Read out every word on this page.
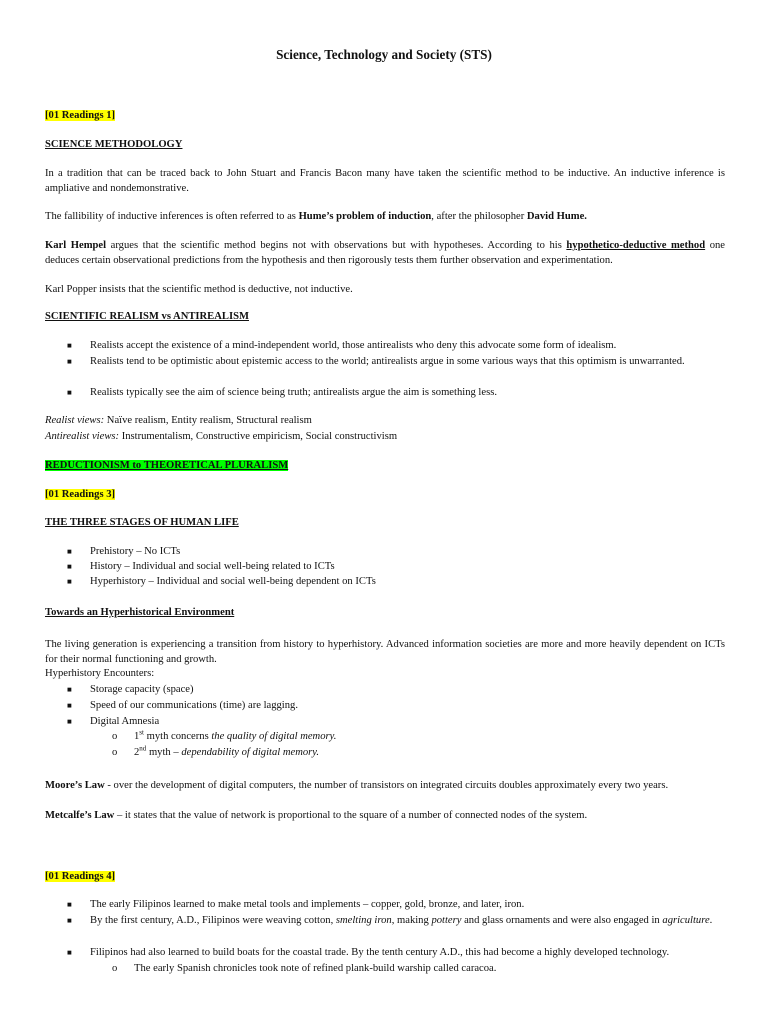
Science, Technology and Society (STS)
[01 Readings 1]
SCIENCE METHODOLOGY
In a tradition that can be traced back to John Stuart and Francis Bacon many have taken the scientific method to be inductive. An inductive inference is ampliative and nondemonstrative.
The fallibility of inductive inferences is often referred to as Hume’s problem of induction, after the philosopher David Hume.
Karl Hempel argues that the scientific method begins not with observations but with hypotheses. According to his hypothetico-deductive method one deduces certain observational predictions from the hypothesis and then rigorously tests them further observation and experimentation.
Karl Popper insists that the scientific method is deductive, not inductive.
SCIENTIFIC REALISM vs ANTIREALISM
■	Realists accept the existence of a mind-independent world, those antirealists who deny this advocate some form of idealism.
■	Realists tend to be optimistic about epistemic access to the world; antirealists argue in some various ways that this optimism is unwarranted.
■	Realists typically see the aim of science being truth; antirealists argue the aim is something less.
Realist views: Naïve realism, Entity realism, Structural realism
Antirealist views: Instrumentalism, Constructive empiricism, Social constructivism
REDUCTIONISM to THEORETICAL PLURALISM
[01 Readings 3]
THE THREE STAGES OF HUMAN LIFE
■	Prehistory – No ICTs
■	History – Individual and social well-being related to ICTs
■	Hyperhistory – Individual and social well-being dependent on ICTs
Towards an Hyperhistorical Environment
The living generation is experiencing a transition from history to hyperhistory. Advanced information societies are more and more heavily dependent on ICTs for their normal functioning and growth.
Hyperhistory Encounters:
■	Storage capacity (space)
■	Speed of our communications (time) are lagging.
■	Digital Amnesia
o	1st myth concerns the quality of digital memory.
o	2nd myth – dependability of digital memory.
Moore’s Law - over the development of digital computers, the number of transistors on integrated circuits doubles approximately every two years.
Metcalfe’s Law – it states that the value of network is proportional to the square of a number of connected nodes of the system.
[01 Readings 4]
■	The early Filipinos learned to make metal tools and implements – copper, gold, bronze, and later, iron.
■	By the first century, A.D., Filipinos were weaving cotton, smelting iron, making pottery and glass ornaments and were also engaged in agriculture.
■	Filipinos had also learned to build boats for the coastal trade. By the tenth century A.D., this had become a highly developed technology.
o	The early Spanish chronicles took note of refined plank-build warship called caracoa.
